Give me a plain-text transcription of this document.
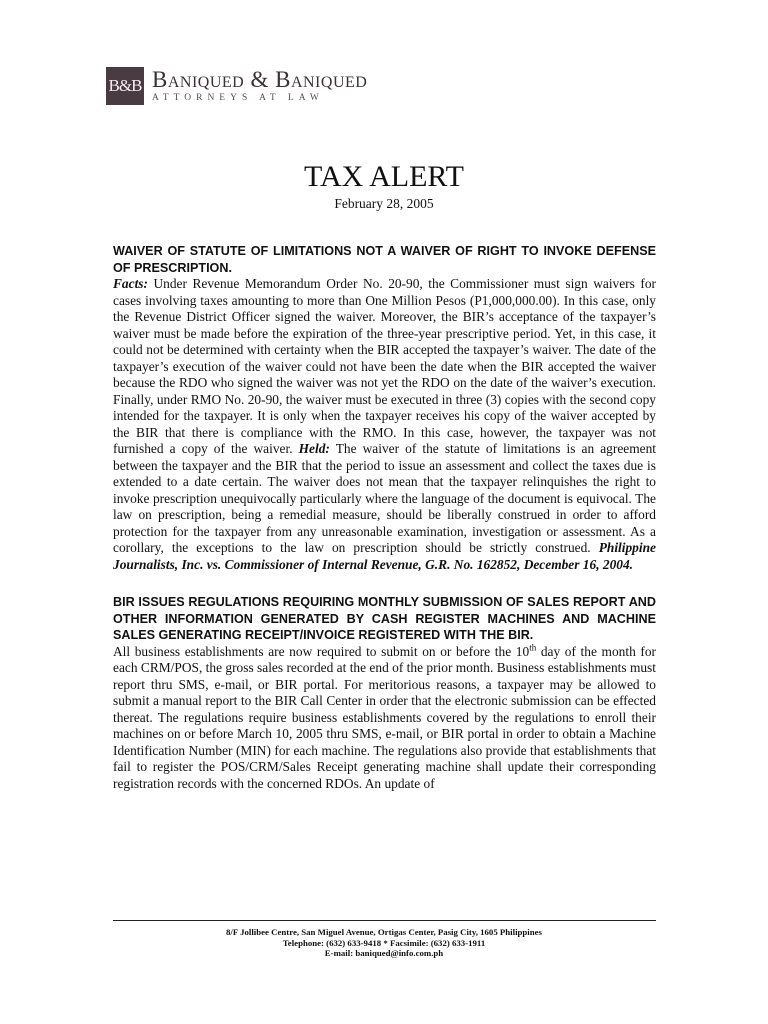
B&B Baniqued & Baniqued
ATTORNEYS AT LAW
TAX ALERT
February 28, 2005

WAIVER OF STATUTE OF LIMITATIONS NOT A WAIVER OF RIGHT TO INVOKE DEFENSE OF PRESCRIPTION.

Facts: Under Revenue Memorandum Order No. 20-90, the Commissioner must sign waivers for cases involving taxes amounting to more than One Million Pesos (P1,000,000.00). In this case, only the Revenue District Officer signed the waiver. Moreover, the BIR’s acceptance of the taxpayer’s waiver must be made before the expiration of the three-year prescriptive period. Yet, in this case, it could not be determined with certainty when the BIR accepted the taxpayer’s waiver. The date of the taxpayer’s execution of the waiver could not have been the date when the BIR accepted the waiver because the RDO who signed the waiver was not yet the RDO on the date of the waiver’s execution. Finally, under RMO No. 20-90, the waiver must be executed in three (3) copies with the second copy intended for the taxpayer. It is only when the taxpayer receives his copy of the waiver accepted by the BIR that there is compliance with the RMO. In this case, however, the taxpayer was not furnished a copy of the waiver. Held: The waiver of the statute of limitations is an agreement between the taxpayer and the BIR that the period to issue an assessment and collect the taxes due is extended to a date certain. The waiver does not mean that the taxpayer relinquishes the right to invoke prescription unequivocally particularly where the language of the document is equivocal. The law on prescription, being a remedial measure, should be liberally construed in order to afford protection for the taxpayer from any unreasonable examination, investigation or assessment. As a corollary, the exceptions to the law on prescription should be strictly construed. Philippine Journalists, Inc. vs. Commissioner of Internal Revenue, G.R. No. 162852, December 16, 2004.

BIR ISSUES REGULATIONS REQUIRING MONTHLY SUBMISSION OF SALES REPORT AND OTHER INFORMATION GENERATED BY CASH REGISTER MACHINES AND MACHINE SALES GENERATING RECEIPT/INVOICE REGISTERED WITH THE BIR.

All business establishments are now required to submit on or before the 10th day of the month for each CRM/POS, the gross sales recorded at the end of the prior month. Business establishments must report thru SMS, e-mail, or BIR portal. For meritorious reasons, a taxpayer may be allowed to submit a manual report to the BIR Call Center in order that the electronic submission can be effected thereat. The regulations require business establishments covered by the regulations to enroll their machines on or before March 10, 2005 thru SMS, e-mail, or BIR portal in order to obtain a Machine Identification Number (MIN) for each machine. The regulations also provide that establishments that fail to register the POS/CRM/Sales Receipt generating machine shall update their corresponding registration records with the concerned RDOs. An update of

8/F Jollibee Centre, San Miguel Avenue, Ortigas Center, Pasig City, 1605 Philippines
Telephone: (632) 633-9418 * Facsimile: (632) 633-1911
E-mail: baniqued@info.com.ph
